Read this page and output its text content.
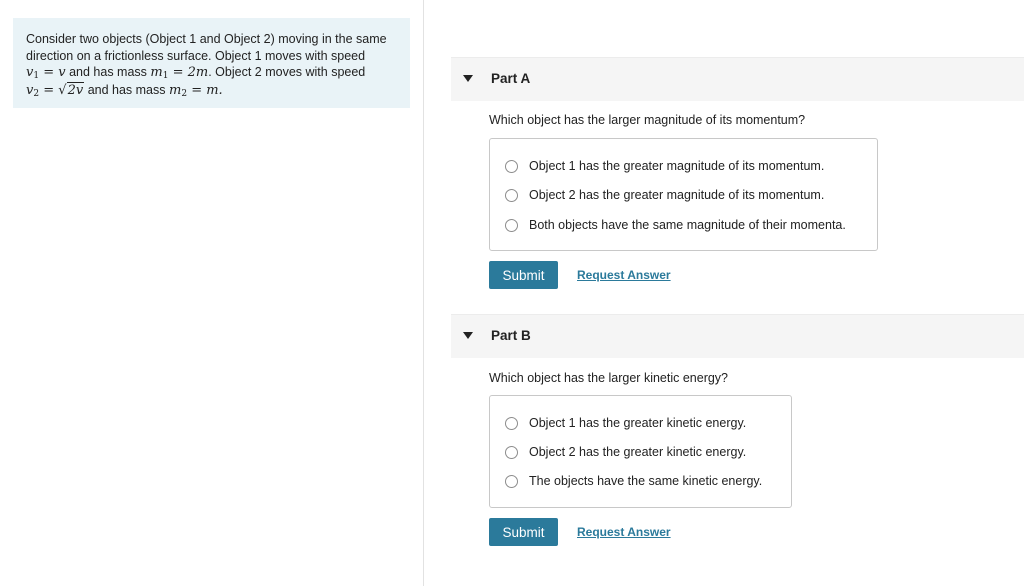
Consider two objects (Object 1 and Object 2) moving in the same
direction on a frictionless surface. Object 1 moves with speed
$v_1 = v$ and has mass $m_1 = 2m$. Object 2 moves with speed
$v_2 = √2v$ and has mass $m_2 = m$.
Part A
Which object has the larger magnitude of its momentum?
Object 1 has the greater magnitude of its momentum.
Object 2 has the greater magnitude of its momentum.
Both objects have the same magnitude of their momenta.
Submit	Request Answer
Part B
Which object has the larger kinetic energy?
Object 1 has the greater kinetic energy.
Object 2 has the greater kinetic energy.
The objects have the same kinetic energy.
Submit	Request Answer
